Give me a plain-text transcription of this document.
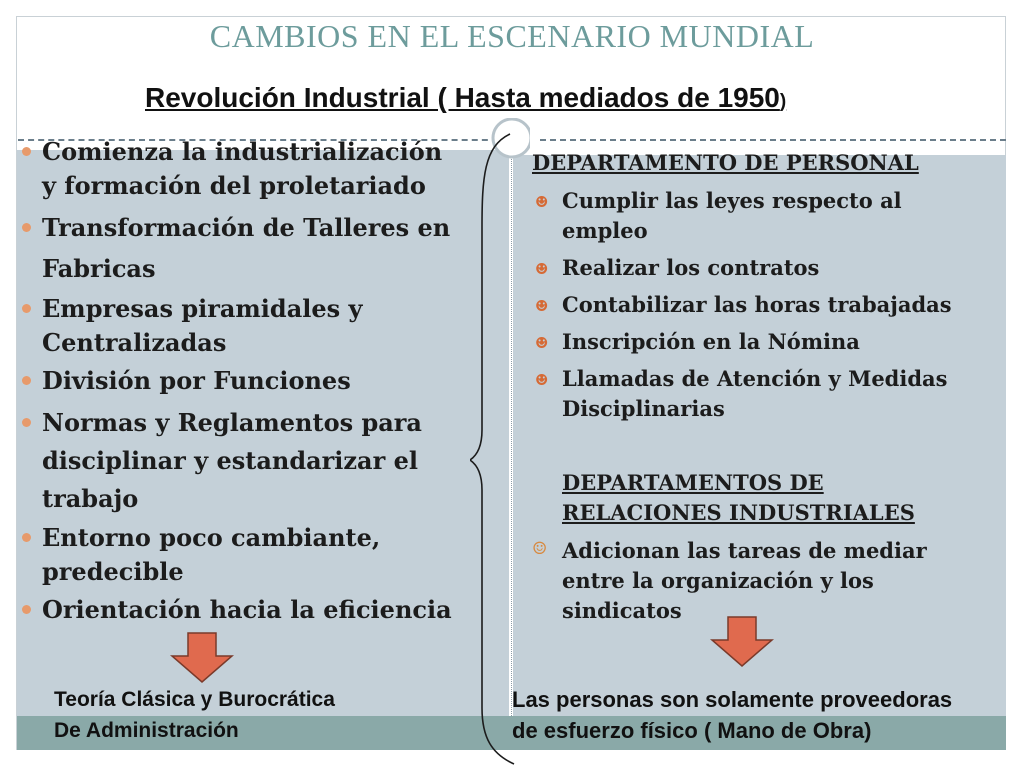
CAMBIOS EN EL ESCENARIO MUNDIAL
Revolución Industrial ( Hasta mediados de 1950)
Comienza la industrialización
y formación del proletariado
Transformación de Talleres en
Fabricas
Empresas piramidales y
Centralizadas
División por Funciones
Normas y Reglamentos para
disciplinar y estandarizar el
trabajo
Entorno poco cambiante,
predecible
Orientación hacia la eficiencia
DEPARTAMENTO DE PERSONAL
☻ Cumplir las leyes respecto al
empleo
☻ Realizar los contratos
☻ Contabilizar las horas trabajadas
☻ Inscripción en la Nómina
☻ Llamadas de Atención y Medidas
Disciplinarias
DEPARTAMENTOS DE
RELACIONES INDUSTRIALES
☺ Adicionan las tareas de mediar
entre la organización y los
sindicatos
Teoría Clásica y Burocrática
De Administración
Las personas son solamente proveedoras
de esfuerzo físico ( Mano de Obra)
